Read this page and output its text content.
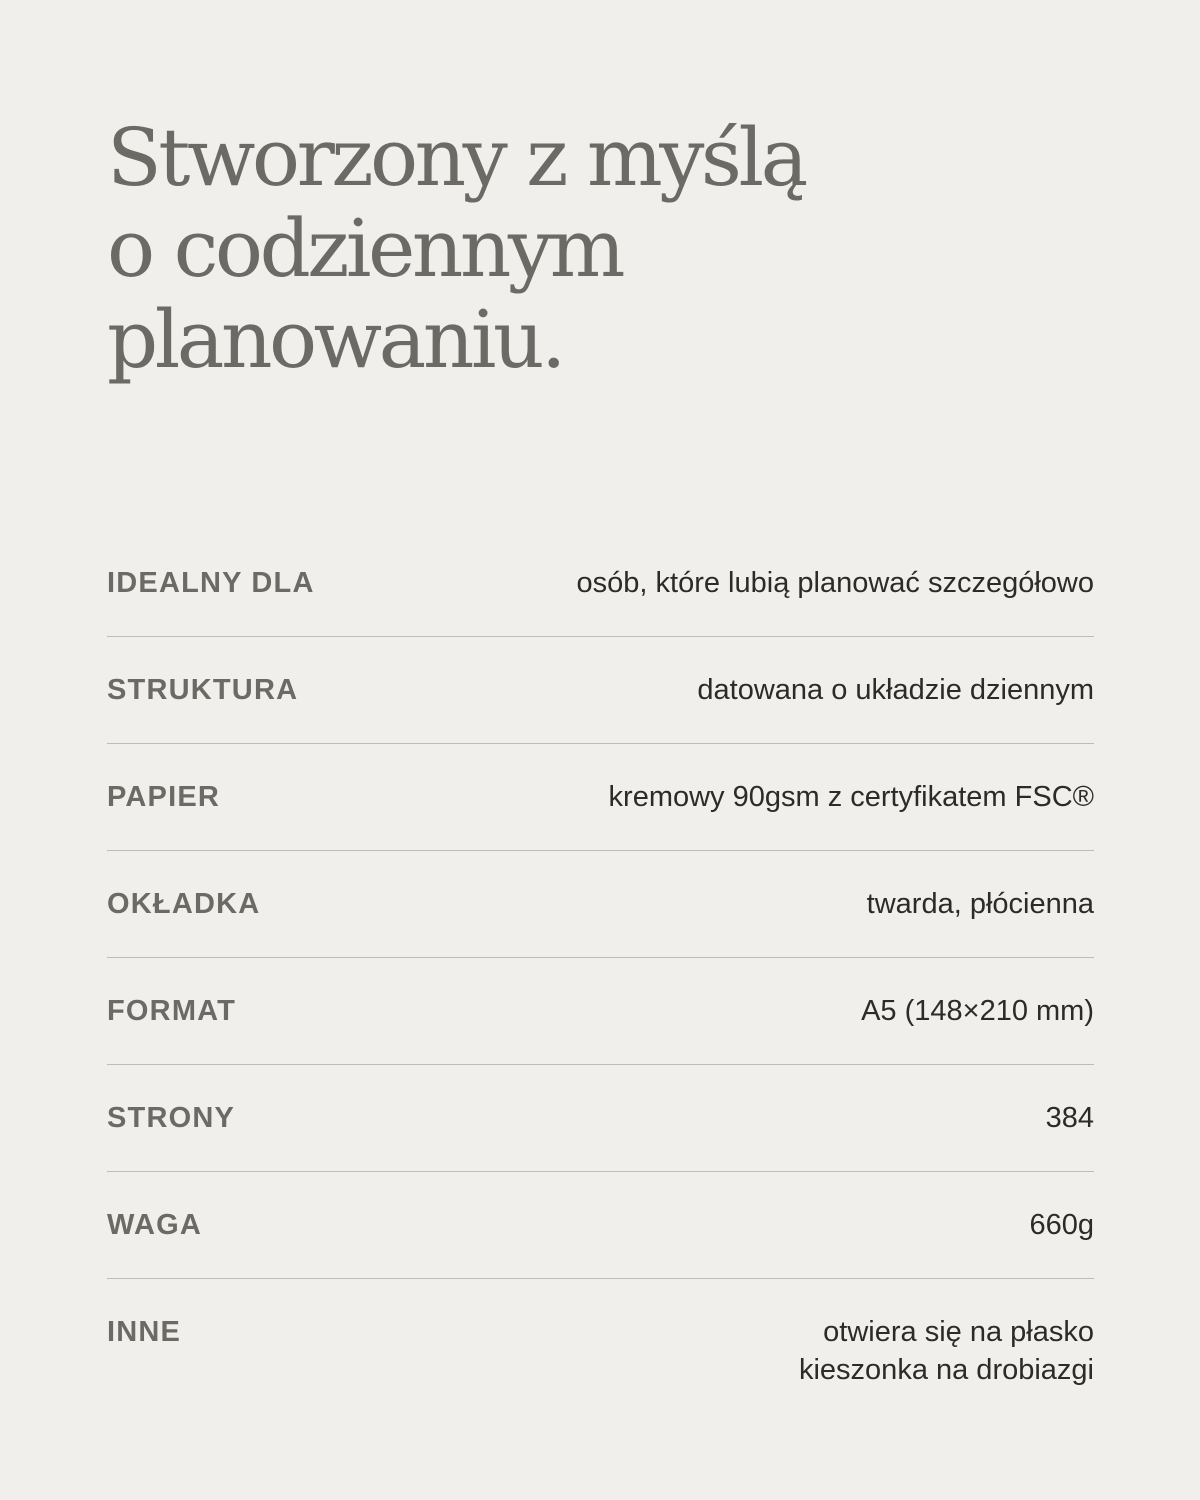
Stworzony z myślą
o codziennym
planowaniu.
IDEALNY DLA	osób, które lubią planować szczegółowo
STRUKTURA	datowana o układzie dziennym
PAPIER	kremowy 90gsm z certyfikatem FSC®
OKŁADKA	twarda, płócienna
FORMAT	A5 (148×210 mm)
STRONY	384
WAGA	660g
INNE	otwiera się na płasko
kieszonka na drobiazgi
